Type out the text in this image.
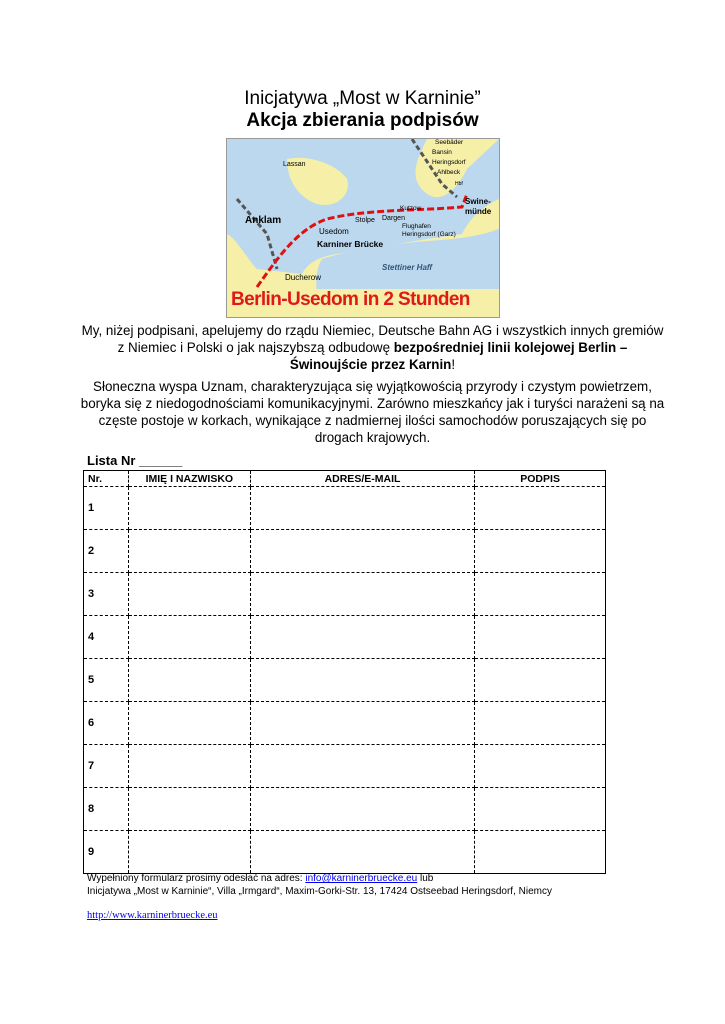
Inicjatywa „Most w Karninie”
Akcja zbierania podpisów
Seebäder
Bansin
Heringsdorf
Ahlbeck
Hbf
Lassan
Swine-
münde
Kutzow
Dargen
Stolpe
Anklam
Usedom
Karniner Brücke
Flughafen
Heringsdorf (Garz)
Stettiner Haff
Ducherow
Berlin-Usedom in 2 Stunden
My, niżej podpisani, apelujemy do rządu Niemiec, Deutsche Bahn AG i wszystkich innych gremiów z Niemiec i Polski o jak najszybszą odbudowę bezpośredniej linii kolejowej Berlin – Świnoujście przez Karnin!
Słoneczna wyspa Uznam, charakteryzująca się wyjątkowością przyrody i czystym powietrzem, boryka się z niedogodnościami komunikacyjnymi. Zarówno mieszkańcy jak i turyści narażeni są na częste postoje w korkach, wynikające z nadmiernej ilości samochodów poruszających się po drogach krajowych.
Lista Nr ______
Nr.	IMIĘ I NAZWISKO	ADRES/E-MAIL	PODPIS
1			
2			
3			
4			
5			
6			
7			
8			
9			
Wypełniony formularz prosimy odesłać na adres: info@karninerbruecke.eu lub
Inicjatywa „Most w Karninie“, Villa „Irmgard“, Maxim-Gorki-Str. 13, 17424 Ostseebad Heringsdorf, Niemcy
http://www.karninerbruecke.eu
